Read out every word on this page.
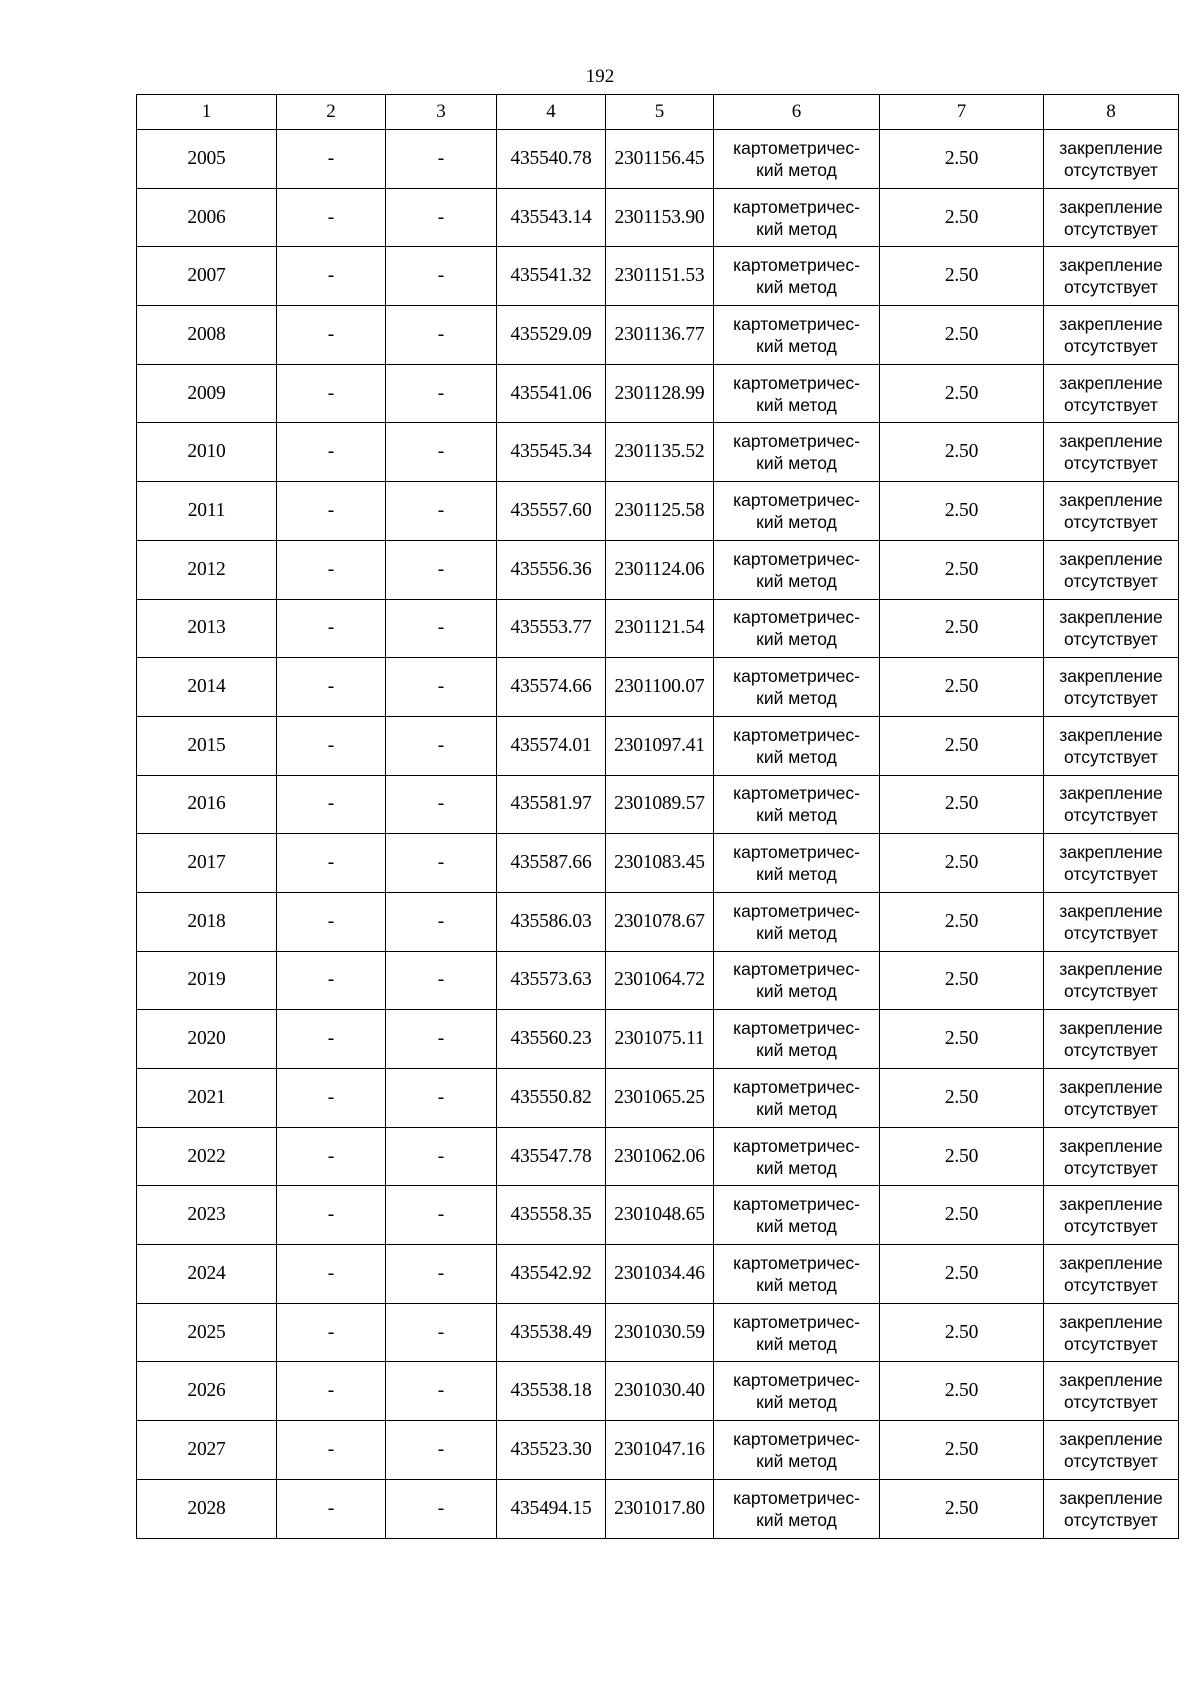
192
1	2	3	4	5	6	7	8
2005	-	-	435540.78	2301156.45	картометричес-
кий метод	2.50	закрепление
отсутствует

2006	-	-	435543.14	2301153.90	картометричес-
кий метод	2.50	закрепление
отсутствует

2007	-	-	435541.32	2301151.53	картометричес-
кий метод	2.50	закрепление
отсутствует

2008	-	-	435529.09	2301136.77	картометричес-
кий метод	2.50	закрепление
отсутствует

2009	-	-	435541.06	2301128.99	картометричес-
кий метод	2.50	закрепление
отсутствует

2010	-	-	435545.34	2301135.52	картометричес-
кий метод	2.50	закрепление
отсутствует

2011	-	-	435557.60	2301125.58	картометричес-
кий метод	2.50	закрепление
отсутствует

2012	-	-	435556.36	2301124.06	картометричес-
кий метод	2.50	закрепление
отсутствует

2013	-	-	435553.77	2301121.54	картометричес-
кий метод	2.50	закрепление
отсутствует

2014	-	-	435574.66	2301100.07	картометричес-
кий метод	2.50	закрепление
отсутствует

2015	-	-	435574.01	2301097.41	картометричес-
кий метод	2.50	закрепление
отсутствует

2016	-	-	435581.97	2301089.57	картометричес-
кий метод	2.50	закрепление
отсутствует

2017	-	-	435587.66	2301083.45	картометричес-
кий метод	2.50	закрепление
отсутствует

2018	-	-	435586.03	2301078.67	картометричес-
кий метод	2.50	закрепление
отсутствует

2019	-	-	435573.63	2301064.72	картометричес-
кий метод	2.50	закрепление
отсутствует

2020	-	-	435560.23	2301075.11	картометричес-
кий метод	2.50	закрепление
отсутствует

2021	-	-	435550.82	2301065.25	картометричес-
кий метод	2.50	закрепление
отсутствует

2022	-	-	435547.78	2301062.06	картометричес-
кий метод	2.50	закрепление
отсутствует

2023	-	-	435558.35	2301048.65	картометричес-
кий метод	2.50	закрепление
отсутствует

2024	-	-	435542.92	2301034.46	картометричес-
кий метод	2.50	закрепление
отсутствует

2025	-	-	435538.49	2301030.59	картометричес-
кий метод	2.50	закрепление
отсутствует

2026	-	-	435538.18	2301030.40	картометричес-
кий метод	2.50	закрепление
отсутствует

2027	-	-	435523.30	2301047.16	картометричес-
кий метод	2.50	закрепление
отсутствует

2028	-	-	435494.15	2301017.80	картометричес-
кий метод	2.50	закрепление
отсутствует
